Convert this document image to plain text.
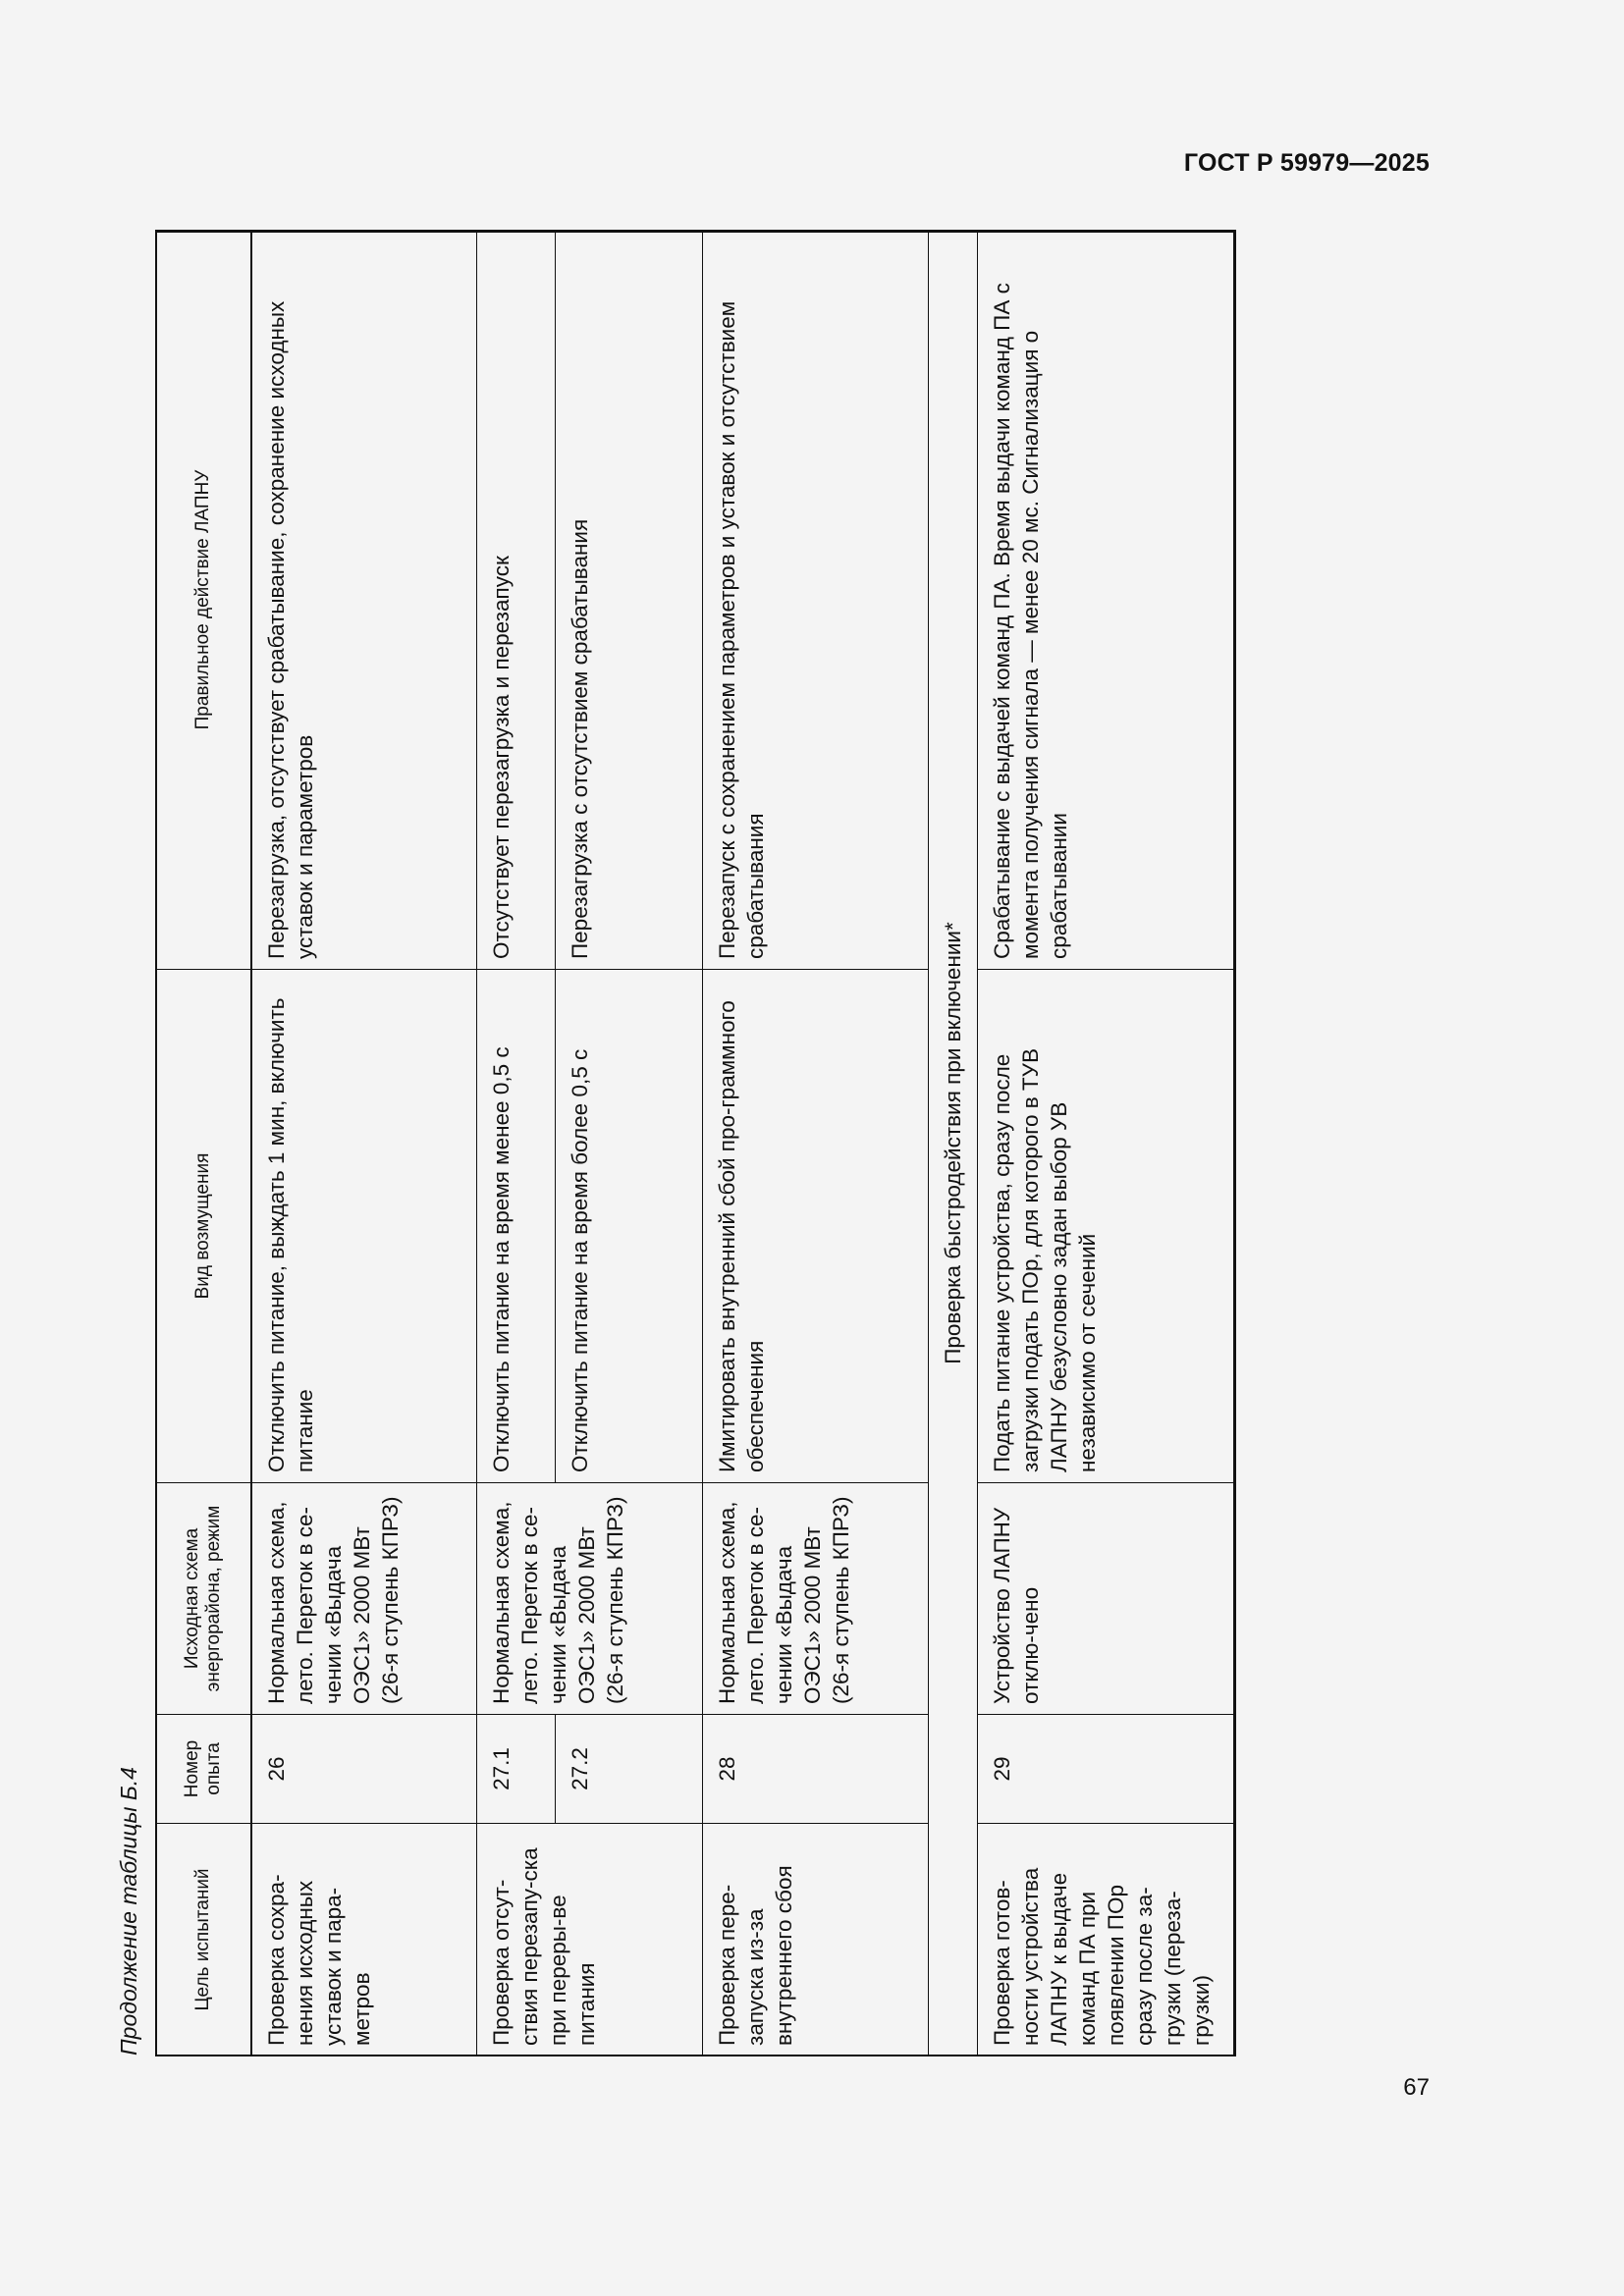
ГОСТ Р 59979—2025
Продолжение таблицы Б.4	Цель испытаний	Номер опыта	Исходная схема энергорайона, режим	Вид возмущения	Правильное действие ЛАПНУ
Проверка сохра-нения исходных уставок и пара-метров	26	Нормальная схема, лето. Переток в се-чении «Выдача ОЭС1» 2000 МВт (26-я ступень КПРЗ)	Отключить питание, выждать 1 мин, включить питание	Перезагрузка, отсутствует срабатывание, сохранение исходных уставок и параметров
Проверка отсут-ствия перезапу-ска при переры-ве питания	27.1	Нормальная схема, лето. Переток в се-чении «Выдача ОЭС1» 2000 МВт (26-я ступень КПРЗ)	Отключить питание на время менее 0,5 с	Отсутствует перезагрузка и перезапуск
	27.2		Отключить питание на время более 0,5 с	Перезагрузка с отсутствием срабатывания
Проверка пере-запуска из-за внутреннего сбоя	28	Нормальная схема, лето. Переток в се-чении «Выдача ОЭС1» 2000 МВт (26-я ступень КПРЗ)	Имитировать внутренний сбой про-граммного обеспечения	Перезапуск с сохранением параметров и уставок и отсутствием срабатывания
Проверка быстродействия при включении*				
Проверка готов-ности устройства ЛАПНУ к выдаче команд ПА при появлении ПОр сразу после за-грузки (переза-грузки)	29	Устройство ЛАПНУ отклю-чено	Подать питание устройства, сразу после загрузки подать ПОр, для которого в ТУВ ЛАПНУ безусловно задан выбор УВ независимо от сечений	Срабатывание с выдачей команд ПА. Время выдачи команд ПА с момента получения сигнала — менее 20 мс. Сигнализация о срабатывании
67
